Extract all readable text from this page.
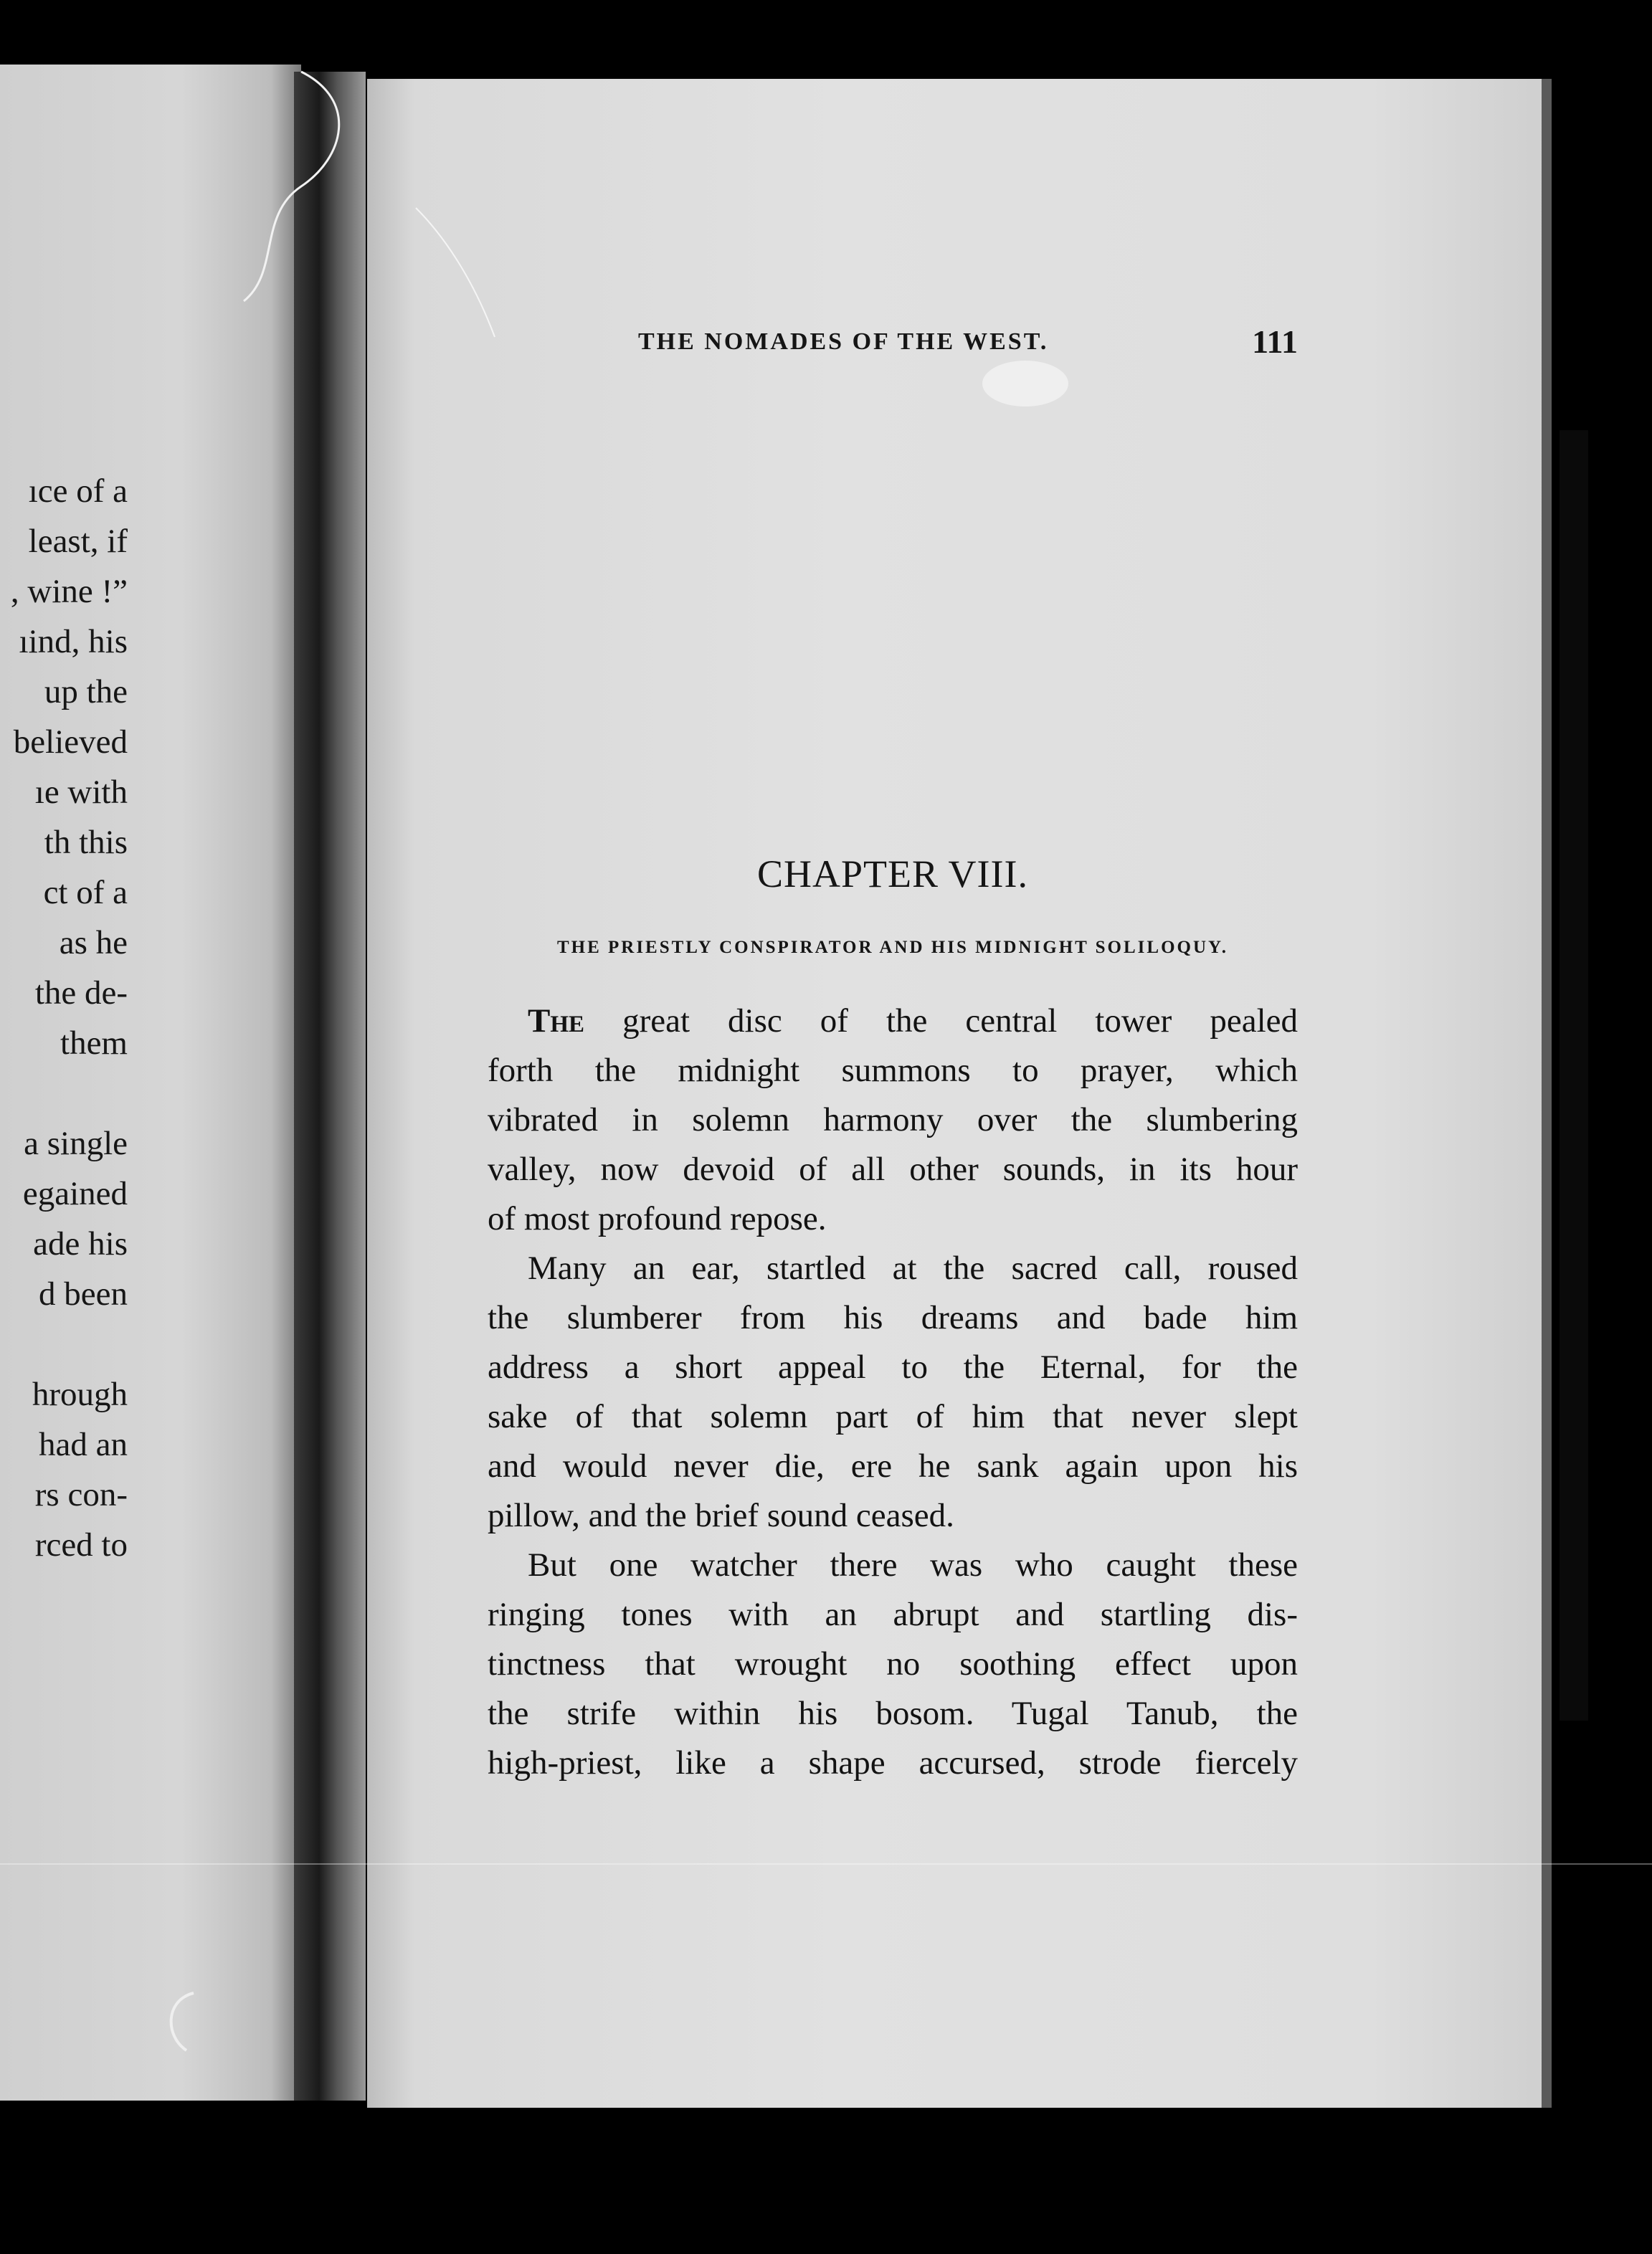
ıce of a
least, if
, wine !”
ıind, his
up the
believed
ıe with
th this
ct of a
as he
the de-
them
a single
egained
ade his
d been
hrough
had an
rs con-
rced to
THE NOMADES OF THE WEST.	111
CHAPTER VIII.
THE PRIESTLY CONSPIRATOR AND HIS MIDNIGHT SOLILOQUY.
The great disc of the central tower pealed
forth the midnight summons to prayer, which
vibrated in solemn harmony over the slumbering
valley, now devoid of all other sounds, in its hour
of most profound repose.
Many an ear, startled at the sacred call, roused
the slumberer from his dreams and bade him
address a short appeal to the Eternal, for the
sake of that solemn part of him that never slept
and would never die, ere he sank again upon his
pillow, and the brief sound ceased.
But one watcher there was who caught these
ringing tones with an abrupt and startling dis-
tinctness that wrought no soothing effect upon
the strife within his bosom. Tugal Tanub, the
high-priest, like a shape accursed, strode fiercely
